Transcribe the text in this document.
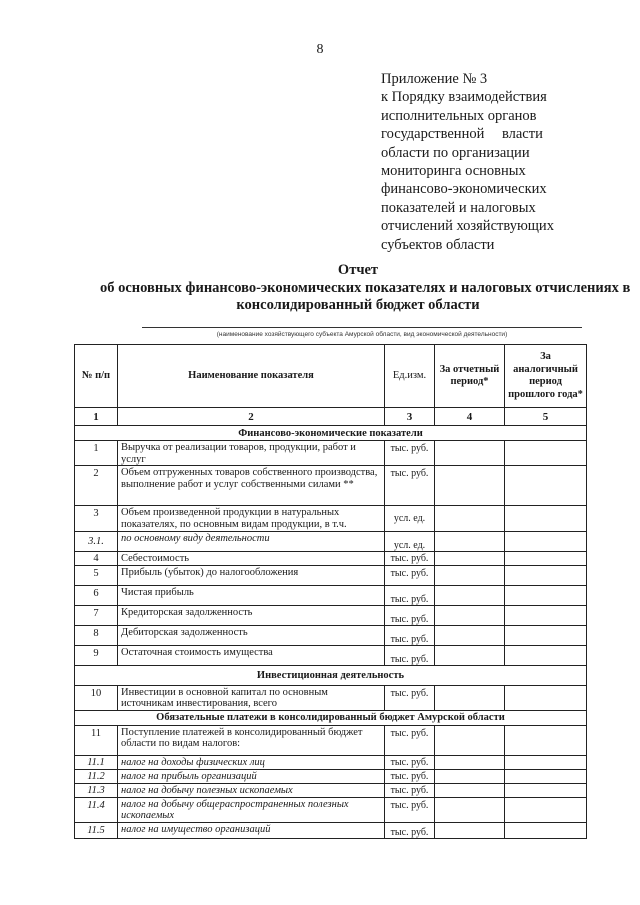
8
Приложение № 3
к Порядку взаимодействия
исполнительных органов
государственной власти
области по организации
мониторинга основных
финансово-экономических
показателей и налоговых
отчислений хозяйствующих
субъектов области
Отчет
об основных финансово-экономических показателях и налоговых отчислениях в
консолидированный бюджет области
(наименование хозяйствующего субъекта Амурской области, вид экономической деятельности)
№ п/п	Наименование показателя	Ед.изм.	За отчетный период*	За аналогичный период прошлого года*
1	2	3	4	5
Финансово-экономические показатели				
1	Выручка от реализации товаров, продукции, работ и услуг	тыс. руб.		
2	Объем отгруженных товаров собственного производства, выполнение работ и услуг собственными силами **	тыс. руб.		
3	Объем произведенной продукции в натуральных показателях, по основным видам продукции, в т.ч.	усл. ед.		
3.1.	по основному виду деятельности	усл. ед.		
4	Себестоимость	тыс. руб.		
5	Прибыль (убыток) до налогообложения	тыс. руб.		
6	Чистая прибыль	тыс. руб.		
7	Кредиторская задолженность	тыс. руб.		
8	Дебиторская задолженность	тыс. руб.		
9	Остаточная стоимость имущества	тыс. руб.		
Инвестиционная деятельность				
10	Инвестиции в основной капитал по основным источникам инвестирования, всего	тыс. руб.		
Обязательные платежи в консолидированный бюджет Амурской области				
11	Поступление платежей в консолидированный бюджет области по видам налогов:	тыс. руб.		
11.1	налог на доходы физических лиц	тыс. руб.		
11.2	налог на прибыль организаций	тыс. руб.		
11.3	налог на добычу полезных ископаемых	тыс. руб.		
11.4	налог на добычу общераспространенных полезных ископаемых	тыс. руб.		
11.5	налог на имущество организаций	тыс. руб.		
